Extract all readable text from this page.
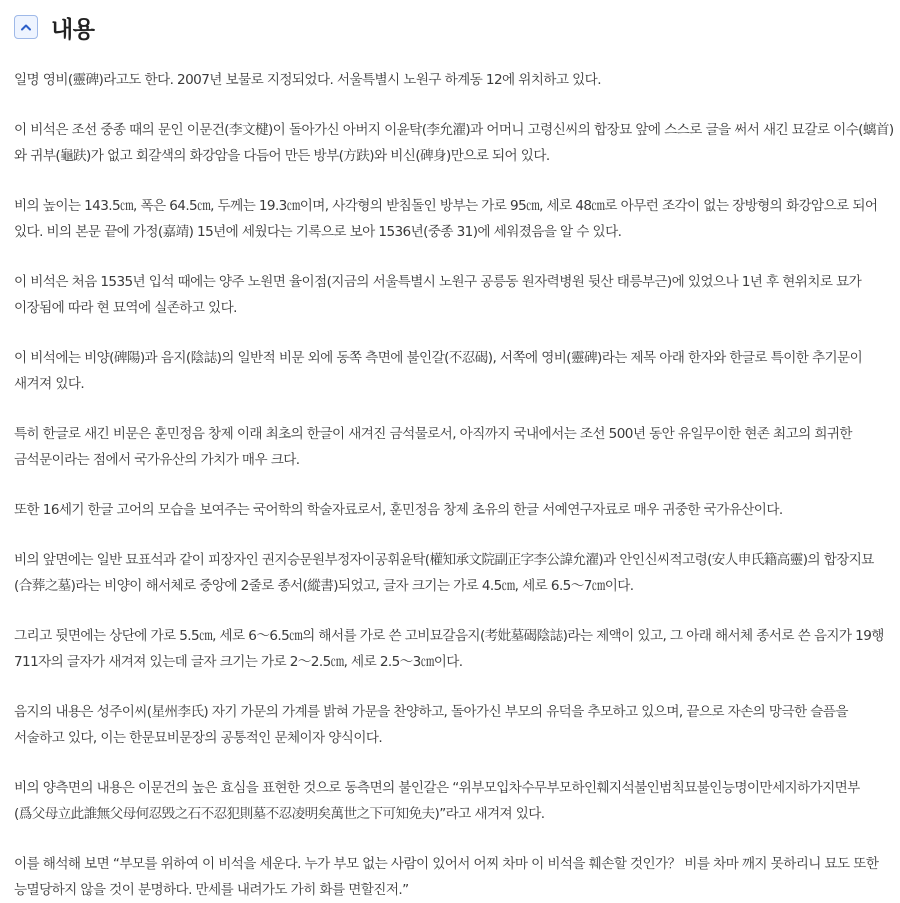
내용

일명 영비(靈碑)라고도 한다. 2007년 보물로 지정되었다. 서울특별시 노원구 하계동 12에 위치하고 있다.

이 비석은 조선 중종 때의 문인 이문건(李文楗)이 돌아가신 아버지 이윤탁(李允濯)과 어머니 고령신씨의 합장묘 앞에 스스로 글을 써서 새긴 묘갈로 이수(螭首)와 귀부(龜趺)가 없고 회갈색의 화강암을 다듬어 만든 방부(方趺)와 비신(碑身)만으로 되어 있다.

비의 높이는 143.5㎝, 폭은 64.5㎝, 두께는 19.3㎝이며, 사각형의 받침돌인 방부는 가로 95㎝, 세로 48㎝로 아무런 조각이 없는 장방형의 화강암으로 되어 있다. 비의 본문 끝에 가정(嘉靖) 15년에 세웠다는 기록으로 보아 1536년(중종 31)에 세워졌음을 알 수 있다.

이 비석은 처음 1535년 입석 때에는 양주 노원면 율이점(지금의 서울특별시 노원구 공릉동 원자력병원 뒷산 태릉부근)에 있었으나 1년 후 현위치로 묘가 이장됨에 따라 현 묘역에 실존하고 있다.

이 비석에는 비양(碑陽)과 음지(陰誌)의 일반적 비문 외에 동쪽 측면에 불인갈(不忍碣), 서쪽에 영비(靈碑)라는 제목 아래 한자와 한글로 특이한 추기문이 새겨져 있다.

특히 한글로 새긴 비문은 훈민정음 창제 이래 최초의 한글이 새겨진 금석물로서, 아직까지 국내에서는 조선 500년 동안 유일무이한 현존 최고의 희귀한 금석문이라는 점에서 국가유산의 가치가 매우 크다.

또한 16세기 한글 고어의 모습을 보여주는 국어학의 학술자료로서, 훈민정음 창제 초유의 한글 서예연구자료로 매우 귀중한 국가유산이다.

비의 앞면에는 일반 묘표석과 같이 피장자인 권지승문원부정자이공휘윤탁(權知承文院副正字李公諱允濯)과 안인신씨적고령(安人申氏籍高靈)의 합장지묘(合葬之墓)라는 비양이 해서체로 중앙에 2줄로 종서(縱書)되었고, 글자 크기는 가로 4.5㎝, 세로 6.5～7㎝이다.

그리고 뒷면에는 상단에 가로 5.5㎝, 세로 6～6.5㎝의 해서를 가로 쓴 고비묘갈음지(考妣墓碣陰誌)라는 제액이 있고, 그 아래 해서체 종서로 쓴 음지가 19행 711자의 글자가 새겨져 있는데 글자 크기는 가로 2～2.5㎝, 세로 2.5～3㎝이다.

음지의 내용은 성주이씨(星州李氏) 자기 가문의 가계를 밝혀 가문을 찬양하고, 돌아가신 부모의 유덕을 추모하고 있으며, 끝으로 자손의 망극한 슬픔을 서술하고 있다, 이는 한문묘비문장의 공통적인 문체이자 양식이다.

비의 양측면의 내용은 이문건의 높은 효심을 표현한 것으로 동측면의 불인갈은 “위부모입차수무부모하인훼지석불인범칙묘불인능명이만세지하가지면부(爲父母立此誰無父母何忍毁之石不忍犯則墓不忍凌明矣萬世之下可知免夫)”라고 새겨져 있다.

이를 해석해 보면 “부모를 위하여 이 비석을 세운다. 누가 부모 없는 사람이 있어서 어찌 차마 이 비석을 훼손할 것인가？ 비를 차마 깨지 못하리니 묘도 또한 능멸당하지 않을 것이 분명하다. 만세를 내려가도 가히 화를 면할진저.”
